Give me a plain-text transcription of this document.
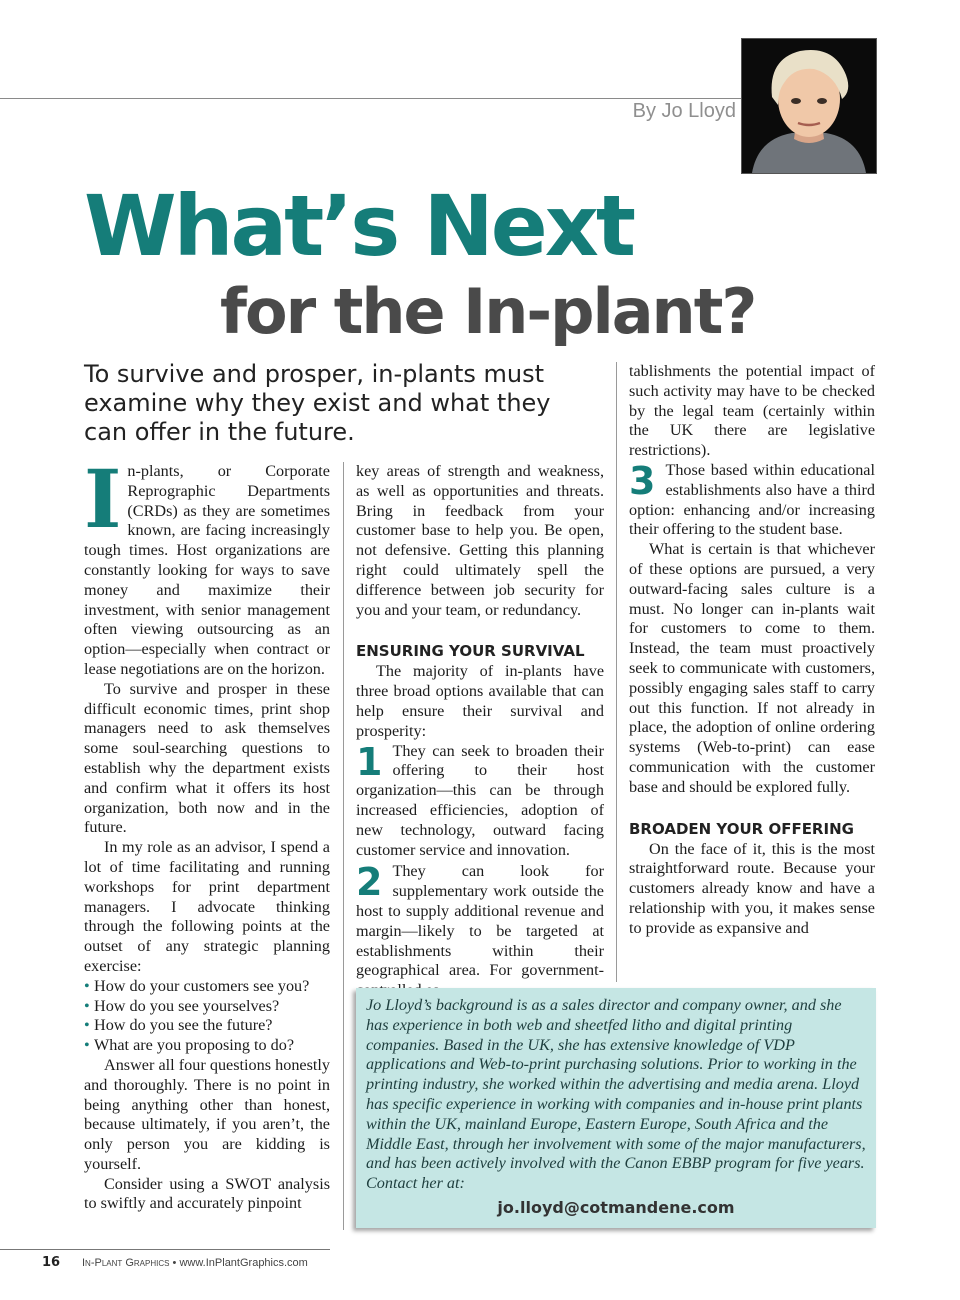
By Jo Lloyd
What’s Next
for the In-plant?

To survive and prosper, in-plants must examine why they exist and what they can offer in the future.

In-plants, or Corporate Reprographic Departments (CRDs) as they are sometimes known, are facing increasingly tough times. Host organizations are constantly looking for ways to save money and maximize their investment, with senior management often viewing outsourcing as an option—especially when contract or lease negotiations are on the horizon.

To survive and prosper in these difficult economic times, print shop managers need to ask themselves some soul-searching questions to establish why the department exists and confirm what it offers its host organization, both now and in the future.

In my role as an advisor, I spend a lot of time facilitating and running workshops for print department managers. I advocate thinking through the following points at the outset of any strategic planning exercise:

• How do your customers see you?
• How do you see yourselves?
• How do you see the future?
• What are you proposing to do?

Answer all four questions honestly and thoroughly. There is no point in being anything other than honest, because ultimately, if you aren’t, the only person you are kidding is yourself.

Consider using a SWOT analysis to swiftly and accurately pinpoint

key areas of strength and weakness, as well as opportunities and threats. Bring in feedback from your customer base to help you. Be open, not defensive. Getting this planning right could ultimately spell the difference between job security for you and your team, or redundancy.

ENSURING YOUR SURVIVAL

The majority of in-plants have three broad options available that can help ensure their survival and prosperity:

1 They can seek to broaden their offering to their host organization—this can be through increased efficiencies, adoption of new technology, outward facing customer service and innovation.

2 They can look for supplementary work outside the host to supply additional revenue and margin—likely to be targeted at establishments within their geographical area. For government-

tablishments the potential impact of such activity may have to be checked by the legal team (certainly within the UK there are legislative restrictions).

3 Those based within educational establishments also have a third option: enhancing and/or increasing their offering to the student base.

What is certain is that whichever of these options are pursued, a very outward-facing sales culture is a must. No longer can in-plants wait for customers to come to them. Instead, the team must proactively seek to communicate with customers, possibly engaging sales staff to carry out this function. If not already in place, the adoption of online ordering systems (Web-to-print) can ease communication with the customer base and should be explored fully.

BROADEN YOUR OFFERING

On the face of it, this is the most straightforward route. Because your customers already know and have a relationship with you, it makes sense to provide as expansive and

Jo Lloyd’s background is as a sales director and company owner, and she has experience in both web and sheetfed litho and digital printing companies. Based in the UK, she has extensive knowledge of VDP applications and Web-to-print purchasing solutions. Prior to working in the printing industry, she worked within the advertising and media arena. Lloyd has specific experience in working with companies and in-house print plants within the UK, mainland Europe, Eastern Europe, South Africa and the Middle East, through her involvement with some of the major manufacturers, and has been actively involved with the Canon EBBP program for five years. Contact her at:

jo.lloyd@cotmandene.com
16 In-Plant Graphics • www.InPlantGraphics.com
